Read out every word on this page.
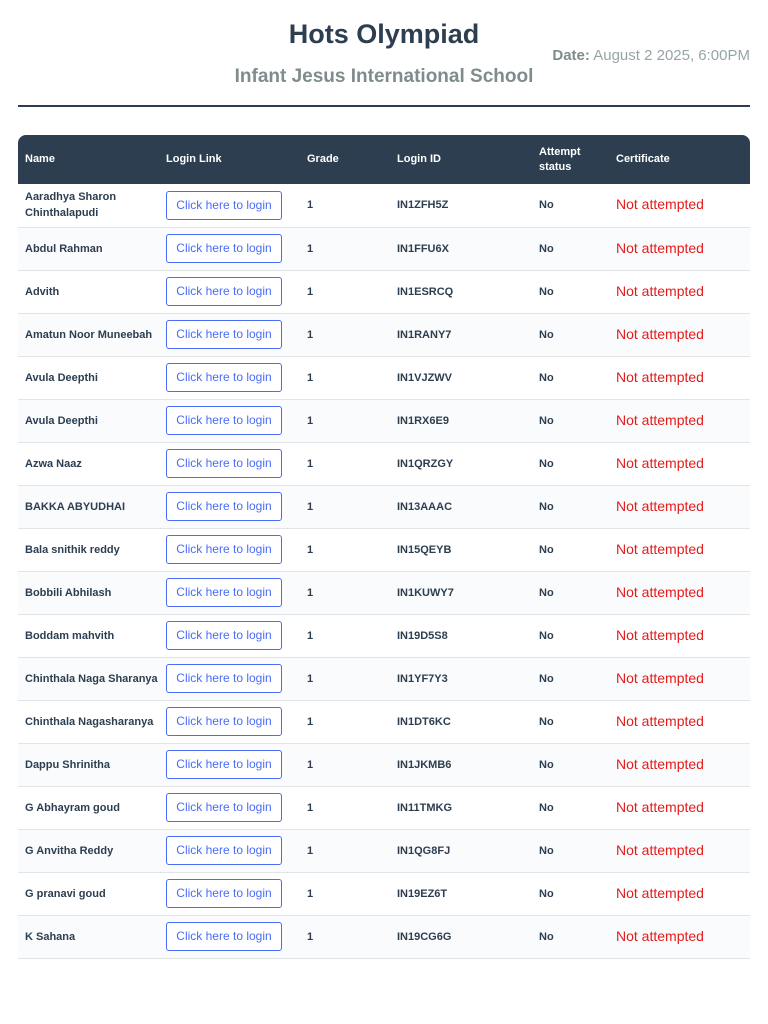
Hots Olympiad
Infant Jesus International School
Date: August 2 2025, 6:00PM
Name	Login Link	Grade	Login ID	Attempt status	Certificate
Aaradhya Sharon Chinthalapudi	Click here to login	1	IN1ZFH5Z	No	Not attempted
Abdul Rahman	Click here to login	1	IN1FFU6X	No	Not attempted
Advith	Click here to login	1	IN1ESRCQ	No	Not attempted
Amatun Noor Muneebah	Click here to login	1	IN1RANY7	No	Not attempted
Avula Deepthi	Click here to login	1	IN1VJZWV	No	Not attempted
Avula Deepthi	Click here to login	1	IN1RX6E9	No	Not attempted
Azwa Naaz	Click here to login	1	IN1QRZGY	No	Not attempted
BAKKA ABYUDHAI	Click here to login	1	IN13AAAC	No	Not attempted
Bala snithik reddy	Click here to login	1	IN15QEYB	No	Not attempted
Bobbili Abhilash	Click here to login	1	IN1KUWY7	No	Not attempted
Boddam mahvith	Click here to login	1	IN19D5S8	No	Not attempted
Chinthala Naga Sharanya	Click here to login	1	IN1YF7Y3	No	Not attempted
Chinthala Nagasharanya	Click here to login	1	IN1DT6KC	No	Not attempted
Dappu Shrinitha	Click here to login	1	IN1JKMB6	No	Not attempted
G Abhayram goud	Click here to login	1	IN11TMKG	No	Not attempted
G Anvitha Reddy	Click here to login	1	IN1QG8FJ	No	Not attempted
G pranavi goud	Click here to login	1	IN19EZ6T	No	Not attempted
K Sahana	Click here to login	1	IN19CG6G	No	Not attempted
